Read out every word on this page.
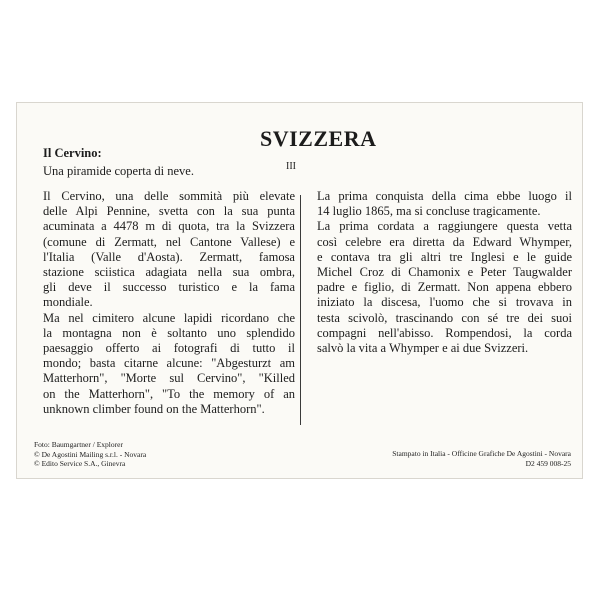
SVIZZERA
Il Cervino:
Una piramide coperta di neve.	III
Il Cervino, una delle sommità più elevate
delle Alpi Pennine, svetta con la sua punta
acuminata a 4478 m di quota, tra la Svizzera
(comune di Zermatt, nel Cantone Vallese) e
l'Italia (Valle d'Aosta). Zermatt, famosa
stazione sciistica adagiata nella sua ombra,
gli deve il successo turistico e la fama
mondiale.
Ma nel cimitero alcune lapidi ricordano che
la montagna non è soltanto uno splendido
paesaggio offerto ai fotografi di tutto il
mondo; basta citarne alcune: "Abgesturzt am
Matterhorn", "Morte sul Cervino", "Killed
on the Matterhorn", "To the memory of an
unknown climber found on the Matterhorn".
La prima conquista della cima ebbe luogo il
14 luglio 1865, ma si concluse tragicamente.
La prima cordata a raggiungere questa vetta
così celebre era diretta da Edward Whymper,
e contava tra gli altri tre Inglesi e le guide
Michel Croz di Chamonix e Peter Taugwalder
padre e figlio, di Zermatt. Non appena ebbero
iniziato la discesa, l'uomo che si trovava in
testa scivolò, trascinando con sé tre dei suoi
compagni nell'abisso. Rompendosi, la corda
salvò la vita a Whymper e ai due Svizzeri.
Foto: Baumgartner / Explorer
© De Agostini Mailing s.r.l. - Novara
© Edito Service S.A., Ginevra
Stampato in Italia - Officine Grafiche De Agostini - Novara
D2 459 008-25
